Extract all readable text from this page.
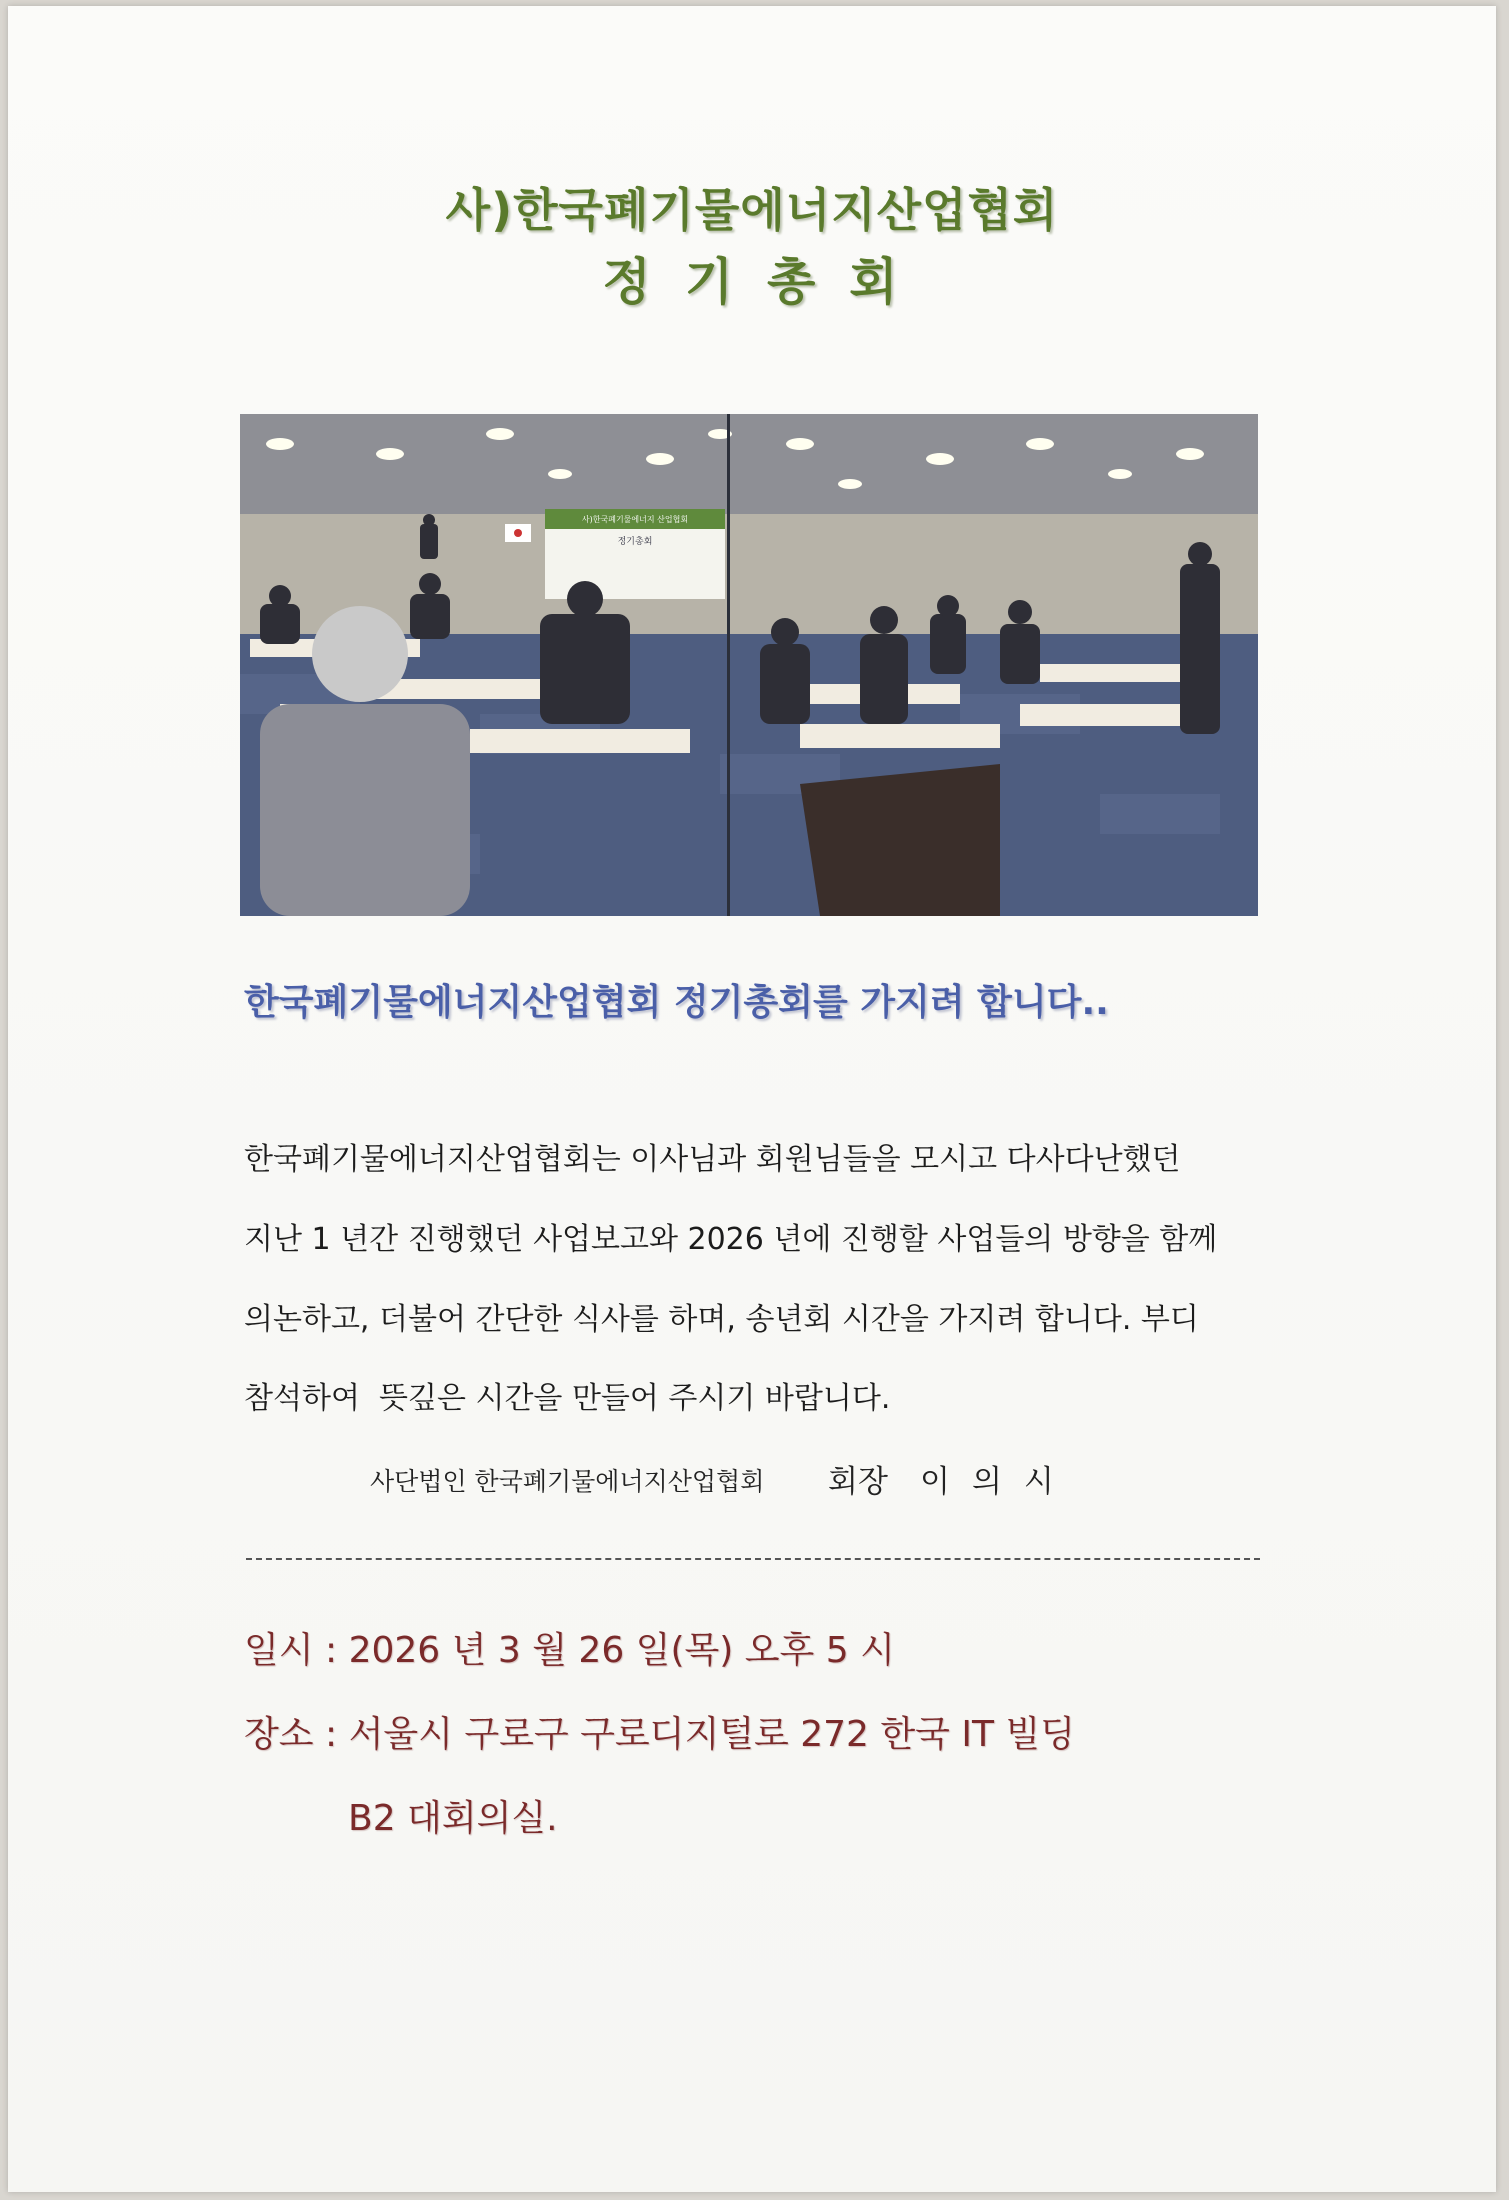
사)한국폐기물에너지산업협회
정기총회
사)한국폐기물에너지 산업협회
정기총회
한국폐기물에너지산업협회 정기총회를 가지려 합니다..
한국폐기물에너지산업협회는 이사님과 회원님들을 모시고 다사다난했던
지난 1 년간 진행했던 사업보고와 2026 년에 진행할 사업들의 방향을 함께
의논하고, 더불어 간단한 식사를 하며, 송년회 시간을 가지려 합니다. 부디
참석하여  뜻깊은 시간을 만들어 주시기 바랍니다.
사단법인 한국폐기물에너지산업협회 회장 이의시
일시 : 2026 년 3 월 26 일(목) 오후 5 시
장소 : 서울시 구로구 구로디지털로 272 한국 IT 빌딩
B2 대회의실.
